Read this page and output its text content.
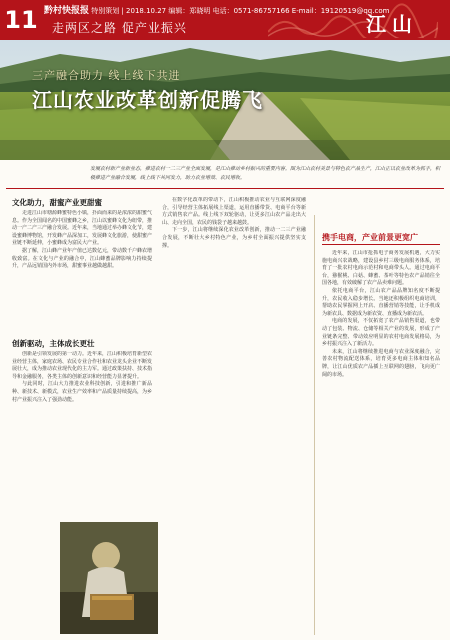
11 黔村快报报 特别策划 | 2018.10.27 编辑：郑晓明 电话：0571-86757166 E-mail：19120519@qq.com
走两区之路 促产业振兴	江山
三产融合助力 线上线下共进
江山农业改革创新促腾飞
发展农村新产业新业态，推进农村一二三产业全面发展，是江山推动乡村振兴的重要内容。图为江山农村美景与特色农产品生产，江山正以农业改革为抓手，积极推进产业融合发展，线上线下共同发力，助力农业增效、农民增收。
文化助力，甜蜜产业更甜蜜

走进江山市塘源蜂蜜特色小镇，扑面而来的是浓浓的甜蜜气息。作为全国闻名的中国蜜蜂之乡，江山以蜜蜂文化为纽带，推动一产二产三产融合发展。近年来，当地通过举办蜂文化节，建设蜜蜂博物馆，开发蜂产品深加工，发展蜂文化旅游，使甜蜜产业链不断延伸，小蜜蜂成为富民大产业。

据了解，江山蜂产业年产值已达数亿元，带动数千户蜂农增收致富。在文化与产业的融合中，江山蜂蜜品牌影响力持续提升，产品远销国内外市场，甜蜜事业越做越甜。

创新驱动，主体成长更壮

创新是引领发展的第一动力。近年来，江山积极培育新型农业经营主体，家庭农场、农民专业合作社和农业龙头企业不断发展壮大，成为推动农业现代化的主力军。通过政策扶持、技术指导和金融服务，各类主体的创新意识和经营能力显著提升。

与此同时，江山大力推进农业科技创新，引进和推广新品种、新技术、新模式，农业生产效率和产品质量持续提高，为乡村产业振兴注入了强劲动能。

在数字化改革的带动下，江山积极推动农业与互联网深度融合，引导经营主体拓展线上渠道，运用直播带货、电商平台等新方式销售农产品。线上线下双轮驱动，让更多江山农产品走出大山、走向全国，农民的钱袋子越来越鼓。

下一步，江山将继续深化农业改革创新，推动一二三产业融合发展，不断壮大乡村特色产业，为乡村全面振兴提供坚实支撑。

携手电商，产业前景更宽广

近年来，江山市抢抓电子商务发展机遇，大力实施电商兴农战略，建设县乡村三级电商服务体系，培育了一批农村电商示范村和电商带头人。通过电商平台，猕猴桃、白菇、蜂蜜、茶叶等特色农产品销往全国各地，有效破解了农产品卖难问题。

依托电商平台，江山农产品品牌知名度不断提升，农民收入稳步增长。当地还积极组织电商培训，帮助农民掌握网上开店、直播营销等技能，让手机成为新农具、数据成为新农资、直播成为新农活。

电商的发展，不仅拓宽了农产品销售渠道，也带动了包装、物流、仓储等相关产业的发展，形成了产业链条完整、带动效应明显的农村电商发展格局，为乡村振兴注入了新活力。

未来，江山将继续推进电商与农业深度融合，完善农村物流配送体系，培育更多电商主体和知名品牌，让江山优质农产品插上互联网的翅膀，飞向更广阔的市场。
